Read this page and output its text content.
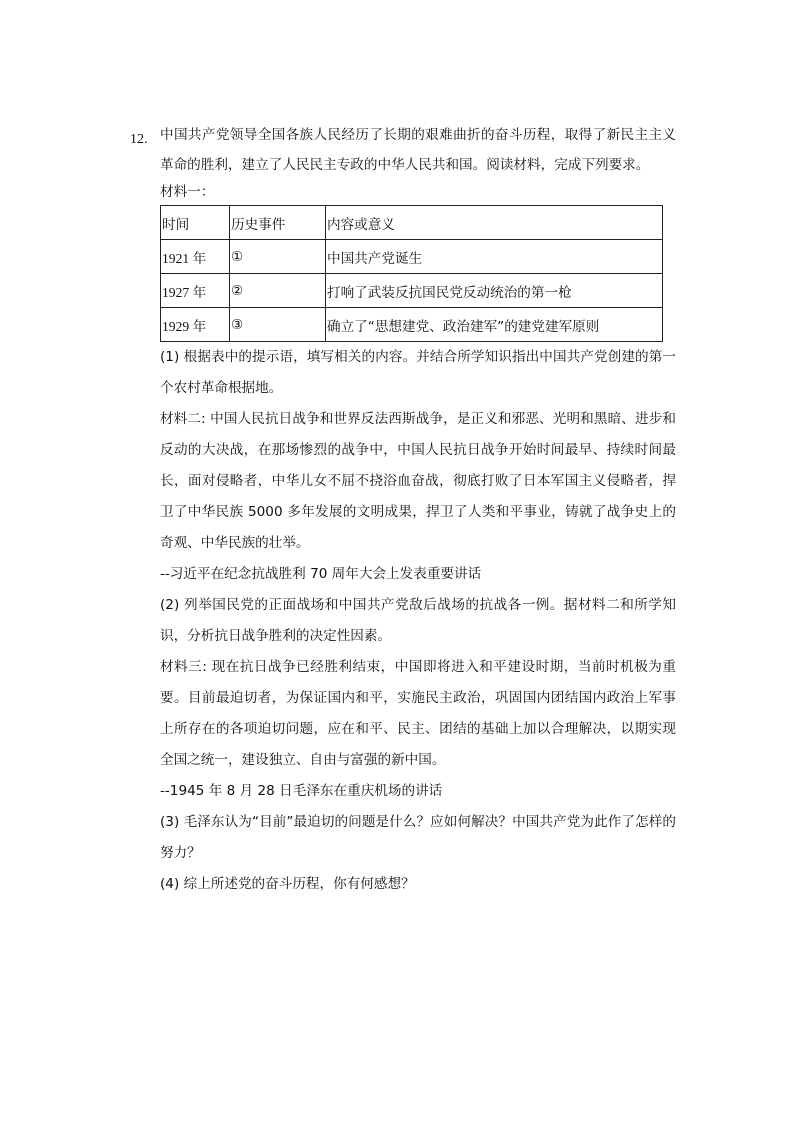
12. 中国共产党领导全国各族人民经历了长期的艰难曲折的奋斗历程，取得了新民主主义革命的胜利，建立了人民民主专政的中华人民共和国。阅读材料，完成下列要求。

材料一：

时间	历史事件	内容或意义
1921 年	①	中国共产党诞生
1927 年	②	打响了武装反抗国民党反动统治的第一枪
1929 年	③	确立了“思想建党、政治建军”的建党建军原则

(1) 根据表中的提示语，填写相关的内容。并结合所学知识指出中国共产党创建的第一个农村革命根据地。

材料二: 中国人民抗日战争和世界反法西斯战争，是正义和邪恶、光明和黑暗、进步和反动的大决战，在那场惨烈的战争中，中国人民抗日战争开始时间最早、持续时间最长，面对侵略者，中华儿女不屈不挠浴血奋战，彻底打败了日本军国主义侵略者，捍卫了中华民族 5000 多年发展的文明成果，捍卫了人类和平事业，铸就了战争史上的奇观、中华民族的壮举。

--习近平在纪念抗战胜利 70 周年大会上发表重要讲话

(2) 列举国民党的正面战场和中国共产党敌后战场的抗战各一例。据材料二和所学知识，分析抗日战争胜利的决定性因素。

材料三: 现在抗日战争已经胜利结束，中国即将进入和平建设时期，当前时机极为重要。目前最迫切者，为保证国内和平，实施民主政治，巩固国内团结国内政治上军事上所存在的各项迫切问题，应在和平、民主、团结的基础上加以合理解决，以期实现全国之统一，建设独立、自由与富强的新中国。

--1945 年 8 月 28 日毛泽东在重庆机场的讲话

(3) 毛泽东认为“目前”最迫切的问题是什么？应如何解决？中国共产党为此作了怎样的努力？

(4) 综上所述党的奋斗历程，你有何感想？
